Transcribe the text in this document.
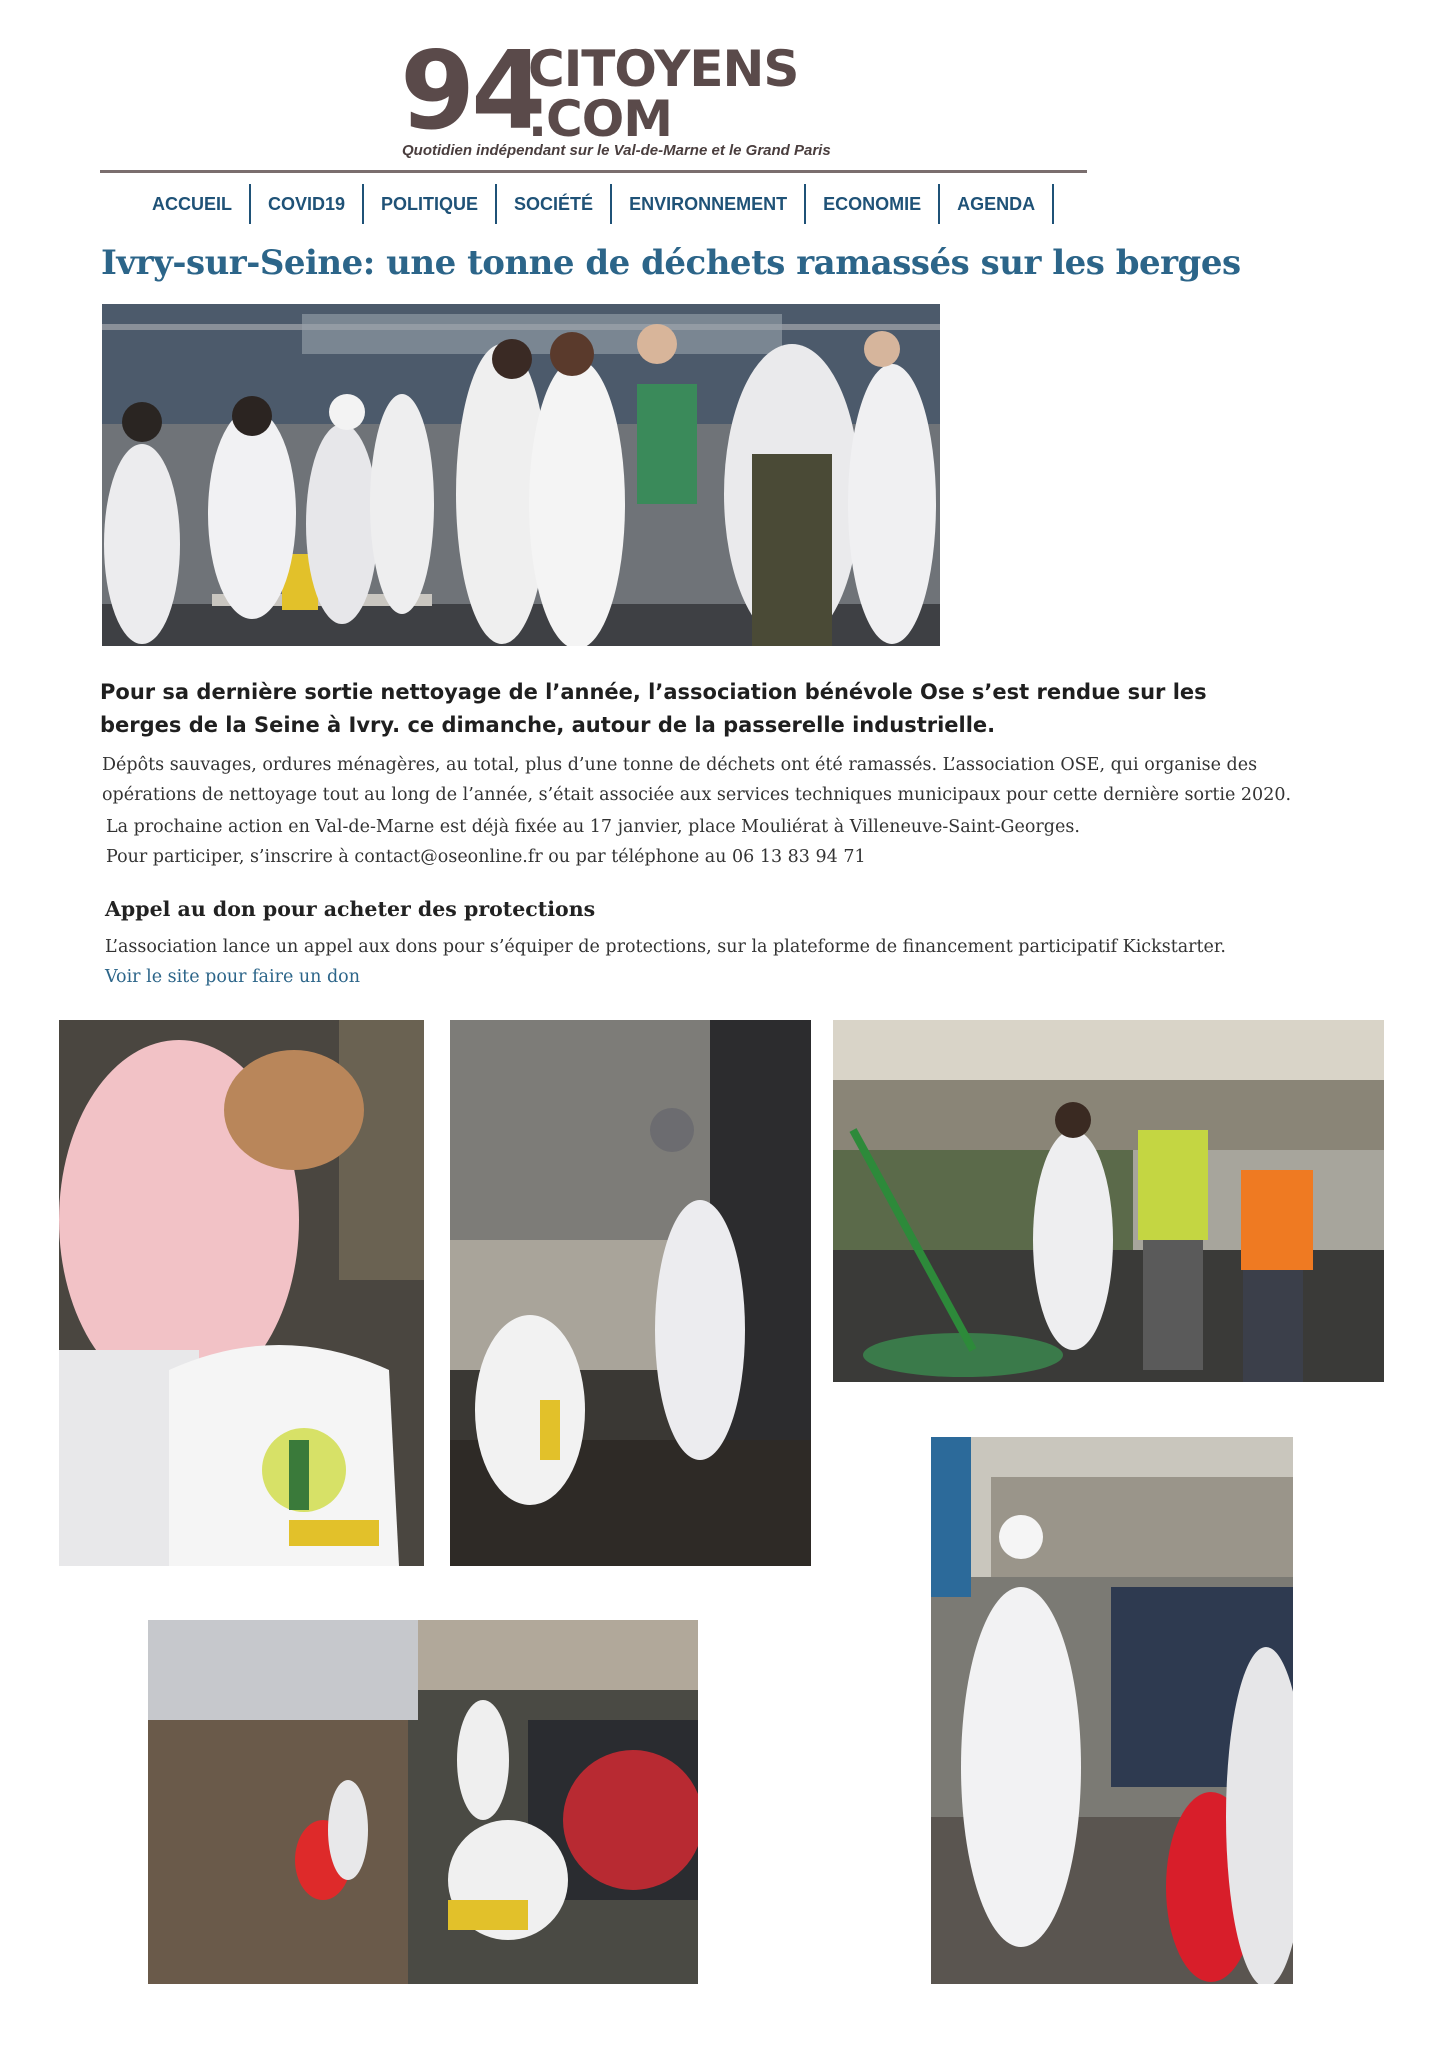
94
CITOYENS
.COM
Quotidien indépendant sur le Val-de-Marne et le Grand Paris
ACCUEIL	COVID19	POLITIQUE	SOCIÉTÉ	ENVIRONNEMENT	ECONOMIE	AGENDA
Ivry-sur-Seine: une tonne de déchets ramassés sur les berges
Pour sa dernière sortie nettoyage de l’année, l’association bénévole Ose s’est rendue sur les
berges de la Seine à Ivry. ce dimanche, autour de la passerelle industrielle.
Dépôts sauvages, ordures ménagères, au total, plus d’une tonne de déchets ont été ramassés. L’association OSE, qui organise des
opérations de nettoyage tout au long de l’année, s’était associée aux services techniques municipaux pour cette dernière sortie 2020.
La prochaine action en Val-de-Marne est déjà fixée au 17 janvier, place Mouliérat à Villeneuve-Saint-Georges.
Pour participer, s’inscrire à contact@oseonline.fr ou par téléphone au 06 13 83 94 71
Appel au don pour acheter des protections
L’association lance un appel aux dons pour s’équiper de protections, sur la plateforme de financement participatif Kickstarter.
Voir le site pour faire un don
